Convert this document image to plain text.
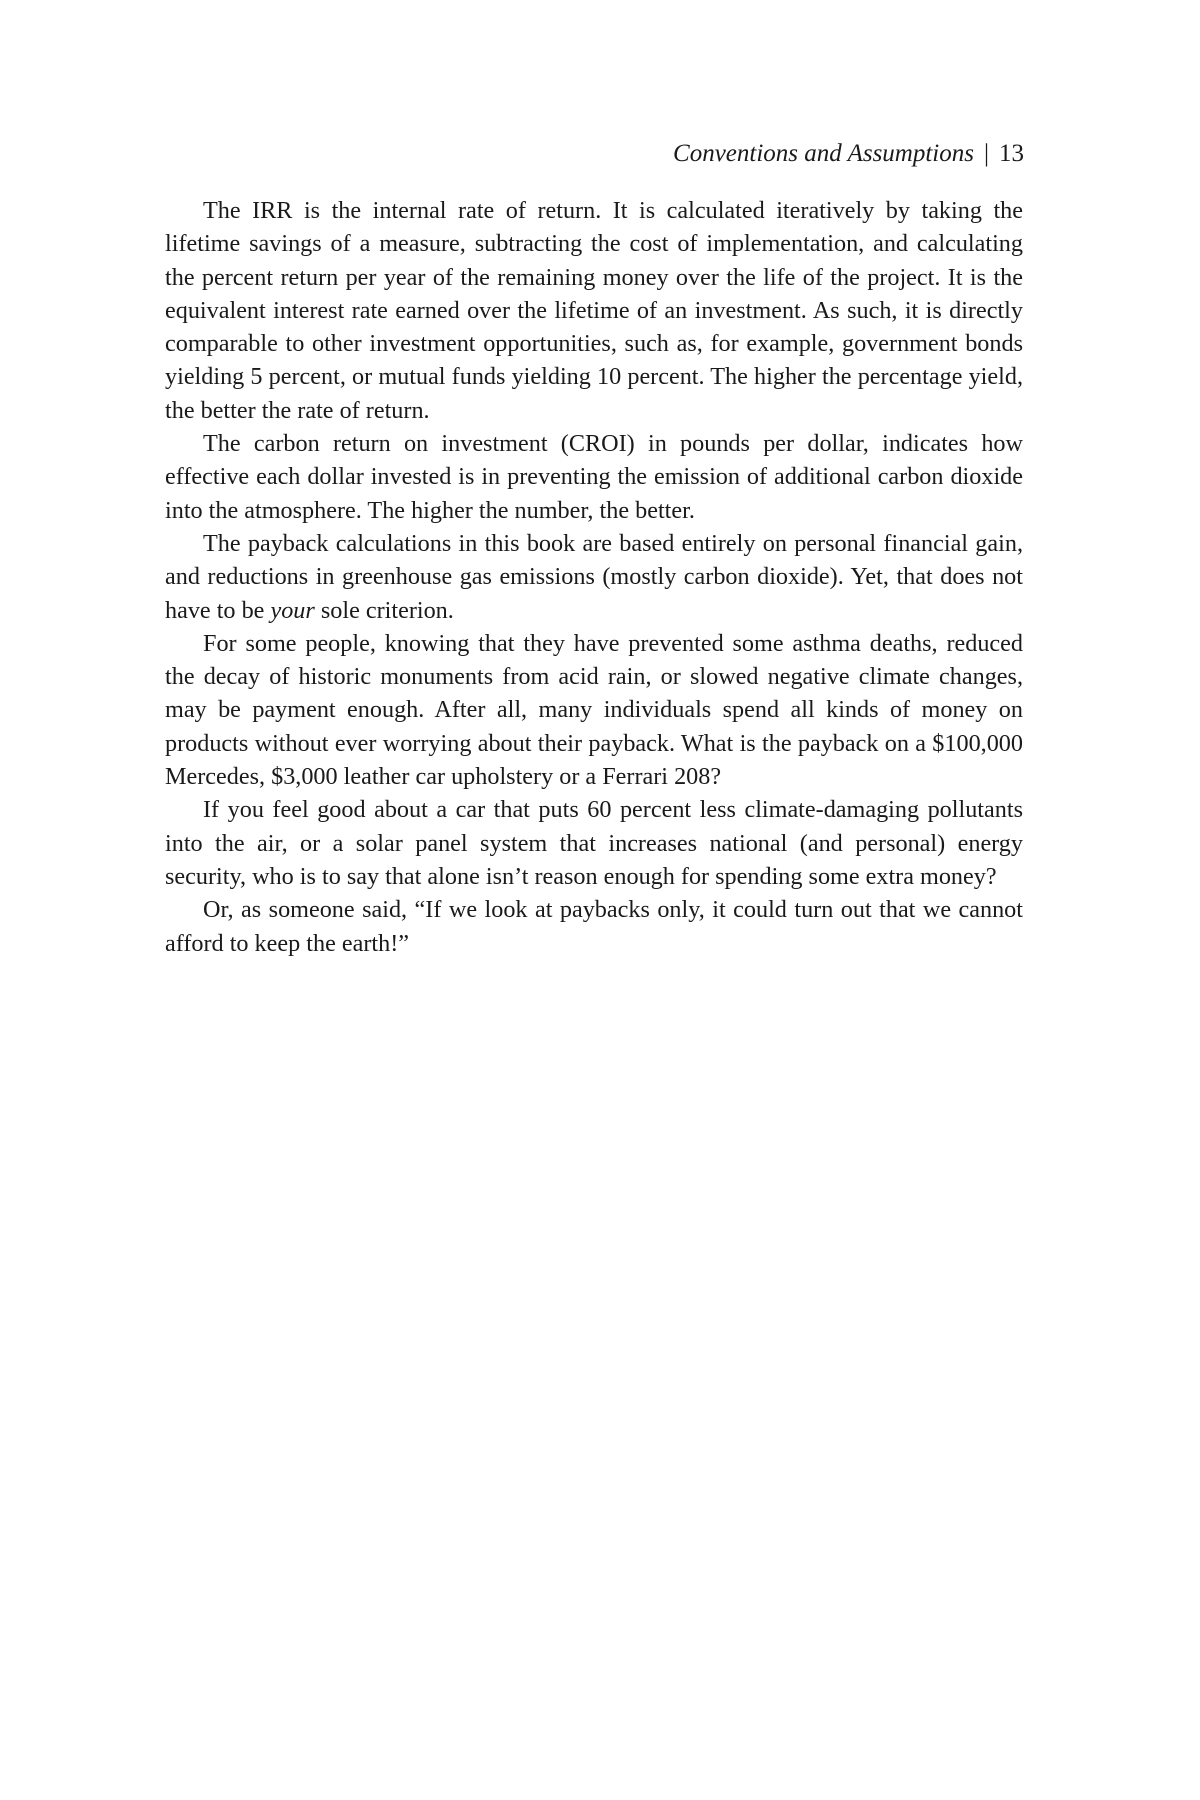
Conventions and Assumptions | 13

The IRR is the internal rate of return. It is calculated iteratively by taking the lifetime savings of a measure, subtracting the cost of implementation, and calculating the percent return per year of the remaining money over the life of the project. It is the equivalent interest rate earned over the lifetime of an investment. As such, it is directly comparable to other investment opportunities, such as, for example, government bonds yielding 5 percent, or mutual funds yielding 10 percent. The higher the percentage yield, the better the rate of return.

The carbon return on investment (CROI) in pounds per dollar, indicates how effective each dollar invested is in preventing the emission of additional carbon dioxide into the atmosphere. The higher the number, the better.

The payback calculations in this book are based entirely on personal financial gain, and reductions in greenhouse gas emissions (mostly carbon dioxide). Yet, that does not have to be your sole criterion.

For some people, knowing that they have prevented some asthma deaths, reduced the decay of historic monuments from acid rain, or slowed negative climate changes, may be payment enough. After all, many individuals spend all kinds of money on products without ever worrying about their payback. What is the payback on a $100,000 Mercedes, $3,000 leather car upholstery or a Ferrari 208?

If you feel good about a car that puts 60 percent less climate-damaging pollutants into the air, or a solar panel system that increases national (and personal) energy security, who is to say that alone isn’t reason enough for spending some extra money?

Or, as someone said, “If we look at paybacks only, it could turn out that we cannot afford to keep the earth!”
